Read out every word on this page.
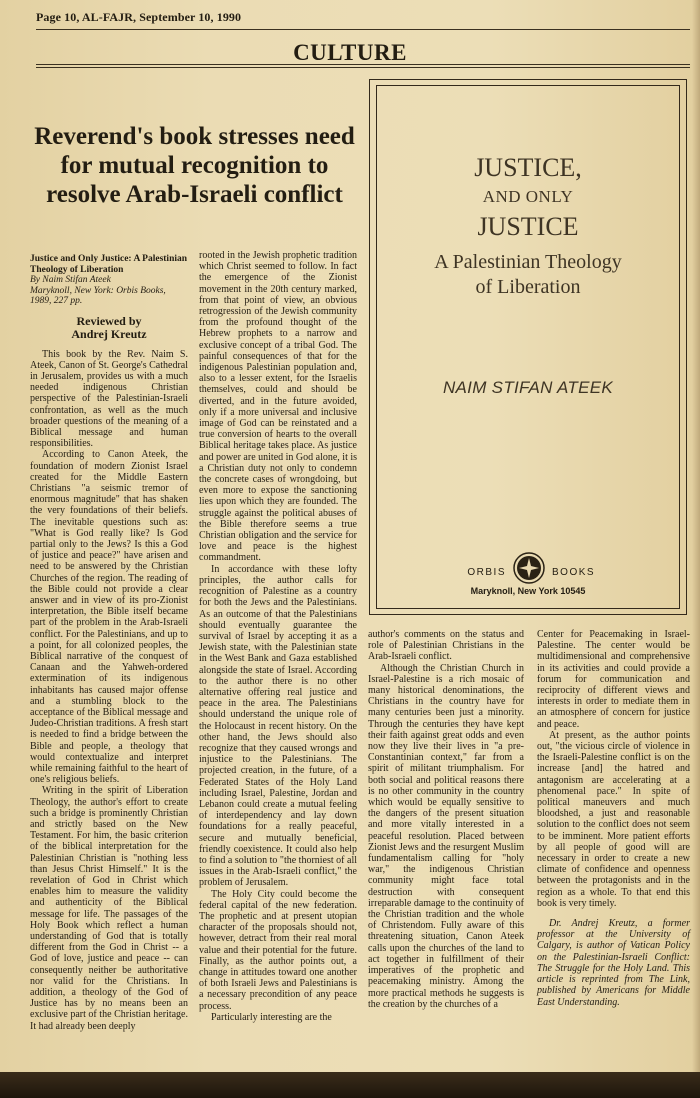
Page 10, AL-FAJR, September 10, 1990
CULTURE
Reverend's book stresses need for mutual recognition to resolve Arab-Israeli conflict
Justice and Only Justice: A Palestinian Theology of Liberation
By Naim Stifan Ateek
Maryknoll, New York: Orbis Books, 1989, 227 pp.
Reviewed by
Andrej Kreutz

This book by the Rev. Naim S. Ateek, Canon of St. George's Cathedral in Jerusalem, provides us with a much needed indigenous Christian perspective of the Palestinian-Israeli confrontation, as well as the much broader questions of the meaning of a Biblical message and human responsibilities.

According to Canon Ateek, the foundation of modern Zionist Israel created for the Middle Eastern Christians "a seismic tremor of enormous magnitude" that has shaken the very foundations of their beliefs. The inevitable questions such as: "What is God really like? Is God partial only to the Jews? Is this a God of justice and peace?" have arisen and need to be answered by the Christian Churches of the region. The reading of the Bible could not provide a clear answer and in view of its pro-Zionist interpretation, the Bible itself became part of the problem in the Arab-Israeli conflict. For the Palestinians, and up to a point, for all colonized peoples, the Biblical narrative of the conquest of Canaan and the Yahweh-ordered extermination of its indigenous inhabitants has caused major offense and a stumbling block to the acceptance of the Biblical message and Judeo-Christian traditions. A fresh start is needed to find a bridge between the Bible and people, a theology that would contextualize and interpret while remaining faithful to the heart of one's religious beliefs.

Writing in the spirit of Liberation Theology, the author's effort to create such a bridge is prominently Christian and strictly based on the New Testament. For him, the basic criterion of the biblical interpretation for the Palestinian Christian is "nothing less than Jesus Christ Himself." It is the revelation of God in Christ which enables him to measure the validity and authenticity of the Biblical message for life. The passages of the Holy Book which reflect a human understanding of God that is totally different from the God in Christ -- a God of love, justice and peace -- can consequently neither be authoritative nor valid for the Christians. In addition, a theology of the God of Justice has by no means been an exclusive part of the Christian heritage. It had already been deeply

rooted in the Jewish prophetic tradition which Christ seemed to follow. In fact the emergence of the Zionist movement in the 20th century marked, from that point of view, an obvious retrogression of the Jewish community from the profound thought of the Hebrew prophets to a narrow and exclusive concept of a tribal God. The painful consequences of that for the indigenous Palestinian population and, also to a lesser extent, for the Israelis themselves, could and should be diverted, and in the future avoided, only if a more universal and inclusive image of God can be reinstated and a true conversion of hearts to the overall Biblical heritage takes place. As justice and power are united in God alone, it is a Christian duty not only to condemn the concrete cases of wrongdoing, but even more to expose the sanctioning lies upon which they are founded. The struggle against the political abuses of the Bible therefore seems a true Christian obligation and the service for love and peace is the highest commandment.

In accordance with these lofty principles, the author calls for recognition of Palestine as a country for both the Jews and the Palestinians. As an outcome of that the Palestinians should eventually guarantee the survival of Israel by accepting it as a Jewish state, with the Palestinian state in the West Bank and Gaza established alongside the state of Israel. According to the author there is no other alternative offering real justice and peace in the area. The Palestinians should understand the unique role of the Holocaust in recent history. On the other hand, the Jews should also recognize that they caused wrongs and injustice to the Palestinians. The projected creation, in the future, of a Federated States of the Holy Land including Israel, Palestine, Jordan and Lebanon could create a mutual feeling of interdependency and lay down foundations for a really peaceful, secure and mutually beneficial, friendly coexistence. It could also help to find a solution to "the thorniest of all issues in the Arab-Israeli conflict," the problem of Jerusalem.

The Holy City could become the federal capital of the new federation. The prophetic and at present utopian character of the proposals should not, however, detract from their real moral value and their potential for the future. Finally, as the author points out, a change in attitudes toward one another of both Israeli Jews and Palestinians is a necessary precondition of any peace process.

Particularly interesting are the

JUSTICE,
AND ONLY
JUSTICE
A Palestinian Theology
of Liberation
NAIM STIFAN ATEEK
ORBIS	BOOKS
Maryknoll, New York 10545

author's comments on the status and role of Palestinian Christians in the Arab-Israeli conflict.

Although the Christian Church in Israel-Palestine is a rich mosaic of many historical denominations, the Christians in the country have for many centuries been just a minority. Through the centuries they have kept their faith against great odds and even now they live their lives in "a pre-Constantinian context," far from a spirit of militant triumphalism. For both social and political reasons there is no other community in the country which would be equally sensitive to the dangers of the present situation and more vitally interested in a peaceful resolution. Placed between Zionist Jews and the resurgent Muslim fundamentalism calling for "holy war," the indigenous Christian community might face total destruction with consequent irreparable damage to the continuity of the Christian tradition and the whole of Christendom. Fully aware of this threatening situation, Canon Ateek calls upon the churches of the land to act together in fulfillment of their imperatives of the prophetic and peacemaking ministry. Among the more practical methods he suggests is the creation by the churches of a

Center for Peacemaking in Israel-Palestine. The center would be multidimensional and comprehensive in its activities and could provide a forum for communication and reciprocity of different views and interests in order to mediate them in an atmosphere of concern for justice and peace.

At present, as the author points out, "the vicious circle of violence in the Israeli-Palestine conflict is on the increase [and] the hatred and antagonism are accelerating at a phenomenal pace." In spite of political maneuvers and much bloodshed, a just and reasonable solution to the conflict does not seem to be imminent. More patient efforts by all people of good will are necessary in order to create a new climate of confidence and openness between the protagonists and in the region as a whole. To that end this book is very timely.

Dr. Andrej Kreutz, a former professor at the University of Calgary, is author of Vatican Policy on the Palestinian-Israeli Conflict: The Struggle for the Holy Land. This article is reprinted from The Link, published by Americans for Middle East Understanding.
